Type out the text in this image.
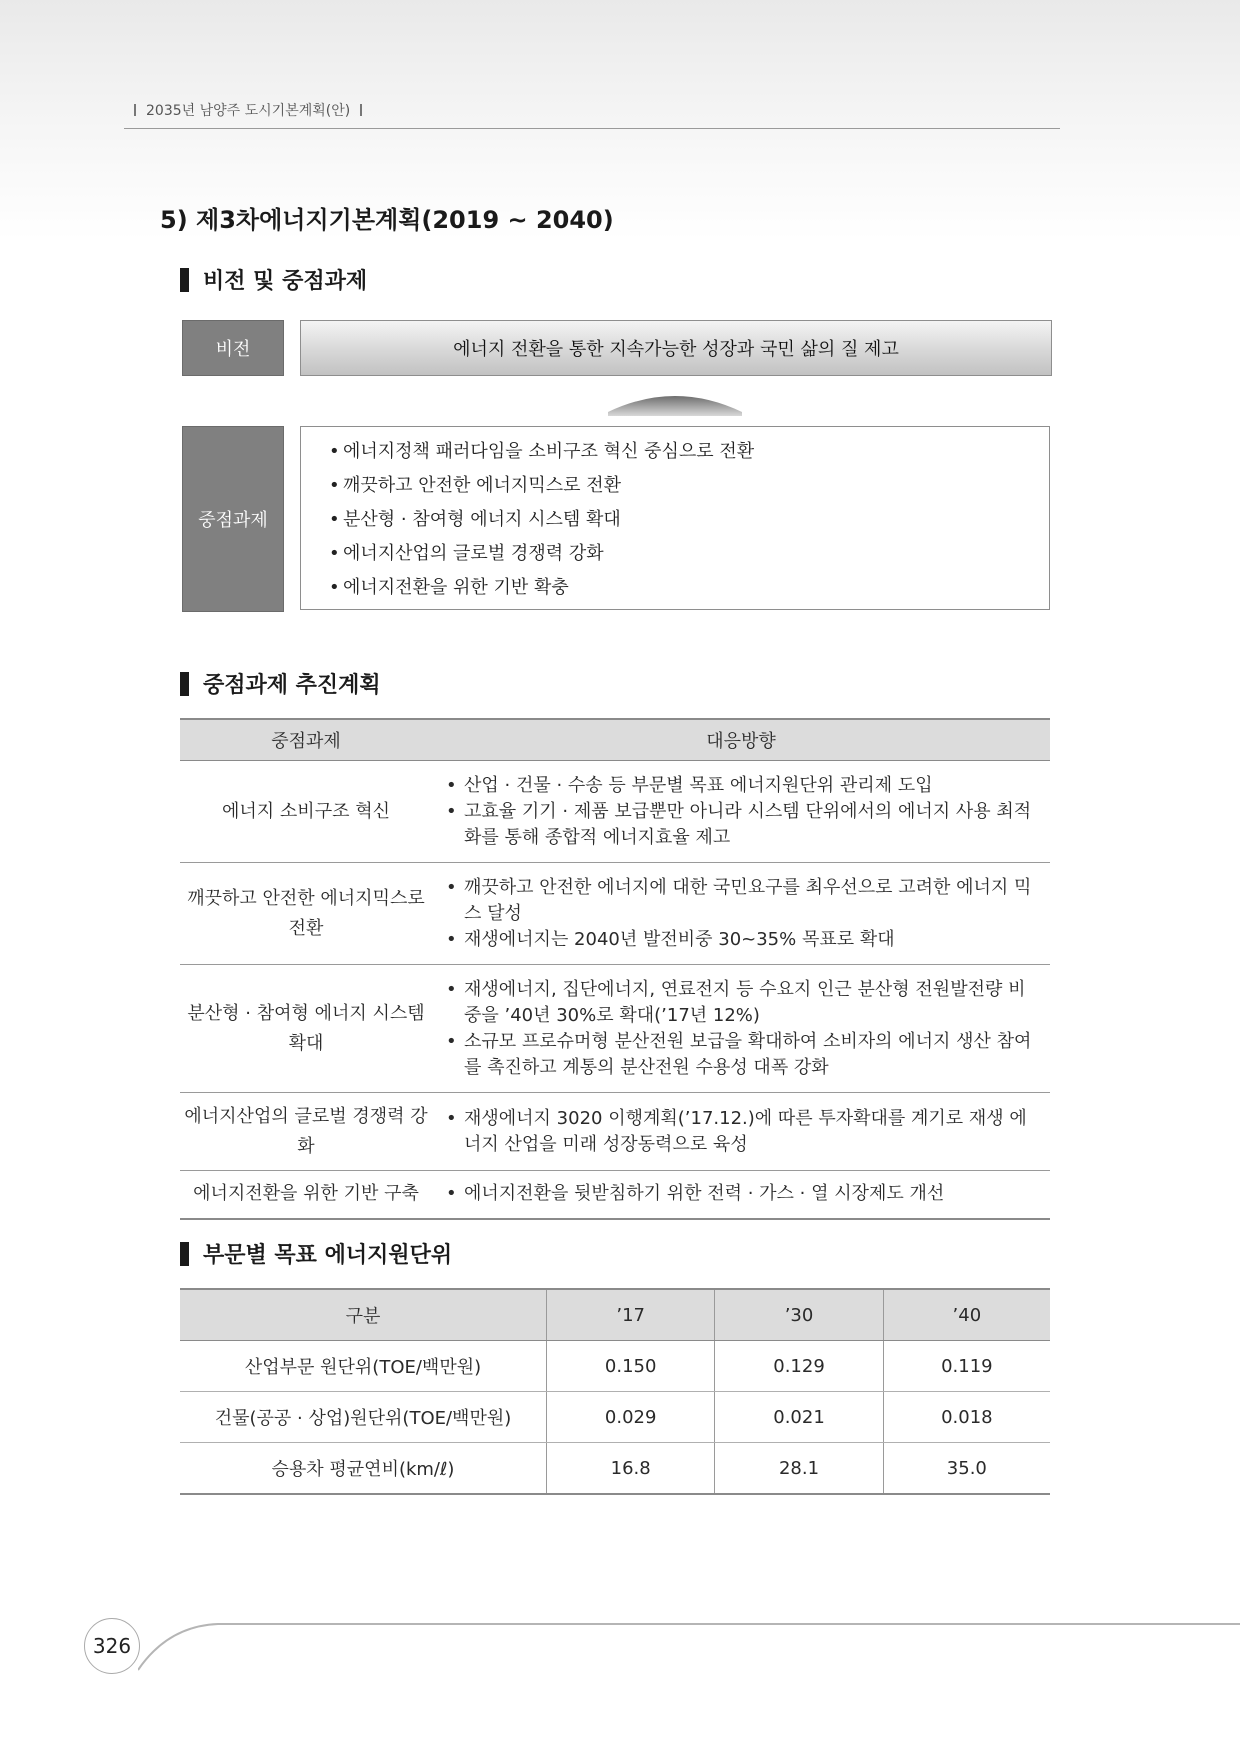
2035년 남양주 도시기본계획(안)
5) 제3차에너지기본계획(2019 ~ 2040)
비전 및 중점과제
비전	에너지 전환을 통한 지속가능한 성장과 국민 삶의 질 제고
중점과제
• 에너지정책 패러다임을 소비구조 혁신 중심으로 전환
• 깨끗하고 안전한 에너지믹스로 전환
• 분산형 · 참여형 에너지 시스템 확대
• 에너지산업의 글로벌 경쟁력 강화
• 에너지전환을 위한 기반 확충
중점과제 추진계획
중점과제	대응방향
에너지 소비구조 혁신	• 산업 · 건물 · 수송 등 부문별 목표 에너지원단위 관리제 도입
• 고효율 기기 · 제품 보급뿐만 아니라 시스템 단위에서의 에너지 사용 최적화를 통해 종합적 에너지효율 제고

깨끗하고 안전한 에너지믹스로 전환	• 깨끗하고 안전한 에너지에 대한 국민요구를 최우선으로 고려한 에너지 믹스 달성
• 재생에너지는 2040년 발전비중 30~35% 목표로 확대

분산형 · 참여형 에너지 시스템 확대	• 재생에너지, 집단에너지, 연료전지 등 수요지 인근 분산형 전원발전량 비중을 ’40년 30%로 확대(’17년 12%)
• 소규모 프로슈머형 분산전원 보급을 확대하여 소비자의 에너지 생산 참여를 촉진하고 계통의 분산전원 수용성 대폭 강화

에너지산업의 글로벌 경쟁력 강화	• 재생에너지 3020 이행계획(’17.12.)에 따른 투자확대를 계기로 재생 에너지 산업을 미래 성장동력으로 육성

에너지전환을 위한 기반 구축	• 에너지전환을 뒷받침하기 위한 전력 · 가스 · 열 시장제도 개선
부문별 목표 에너지원단위
구분	’17	’30	’40
산업부문 원단위(TOE/백만원)	0.150	0.129	0.119
건물(공공 · 상업)원단위(TOE/백만원)	0.029	0.021	0.018
승용차 평균연비(km/ℓ)	16.8	28.1	35.0
326
